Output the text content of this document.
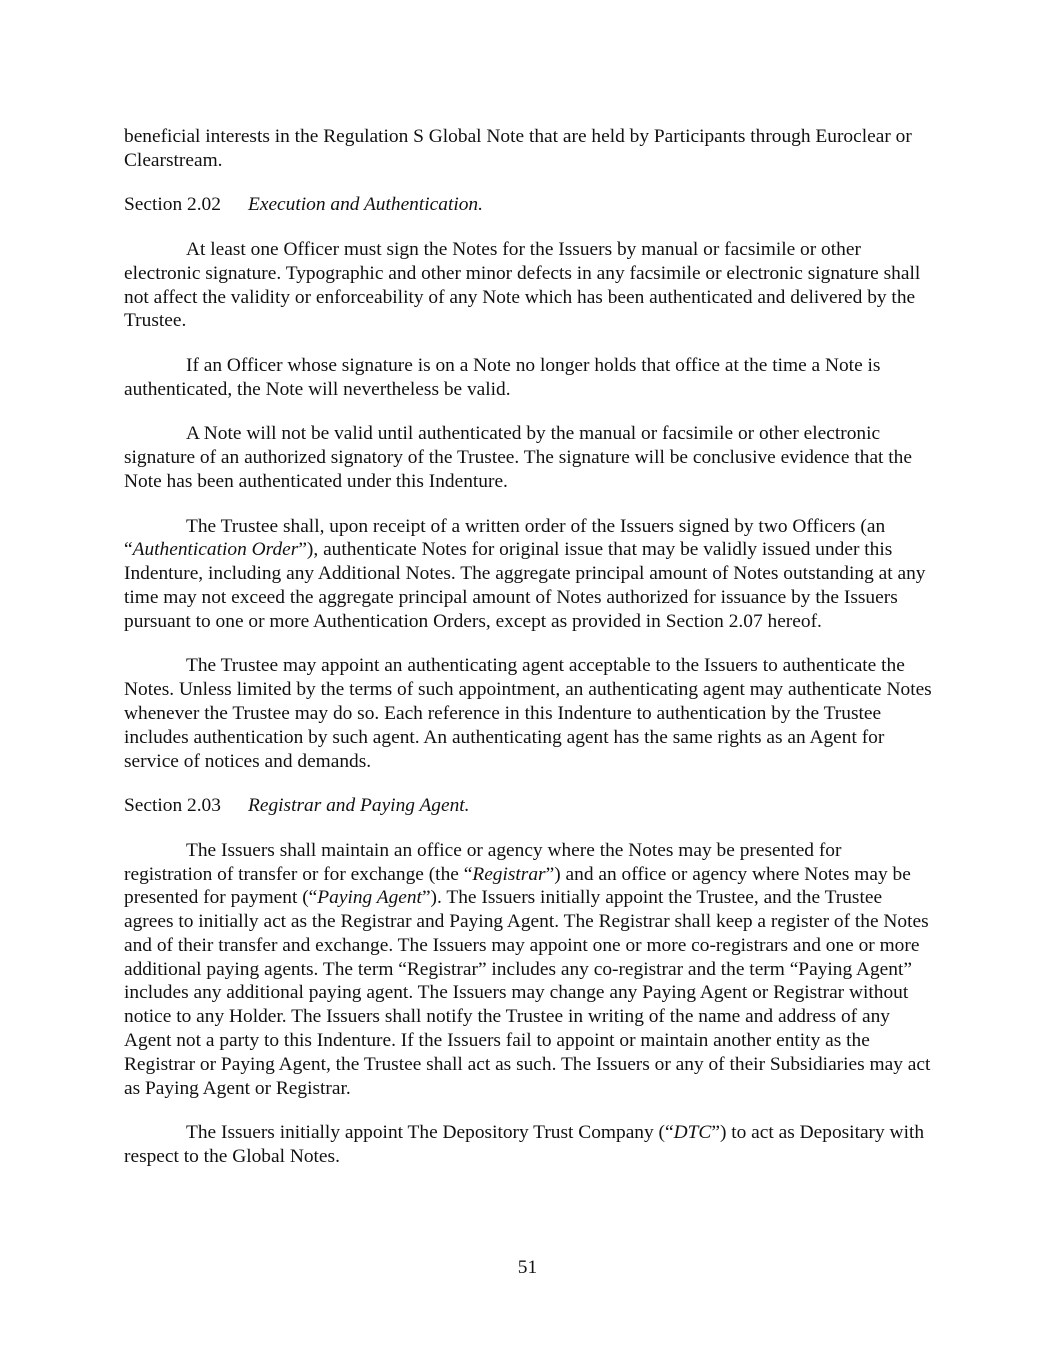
beneficial interests in the Regulation S Global Note that are held by Participants through Euroclear or Clearstream.

Section 2.02 Execution and Authentication.

At least one Officer must sign the Notes for the Issuers by manual or facsimile or other electronic signature. Typographic and other minor defects in any facsimile or electronic signature shall not affect the validity or enforceability of any Note which has been authenticated and delivered by the Trustee.

If an Officer whose signature is on a Note no longer holds that office at the time a Note is authenticated, the Note will nevertheless be valid.

A Note will not be valid until authenticated by the manual or facsimile or other electronic signature of an authorized signatory of the Trustee. The signature will be conclusive evidence that the Note has been authenticated under this Indenture.

The Trustee shall, upon receipt of a written order of the Issuers signed by two Officers (an “Authentication Order”), authenticate Notes for original issue that may be validly issued under this Indenture, including any Additional Notes. The aggregate principal amount of Notes outstanding at any time may not exceed the aggregate principal amount of Notes authorized for issuance by the Issuers pursuant to one or more Authentication Orders, except as provided in Section 2.07 hereof.

The Trustee may appoint an authenticating agent acceptable to the Issuers to authenticate the Notes. Unless limited by the terms of such appointment, an authenticating agent may authenticate Notes whenever the Trustee may do so. Each reference in this Indenture to authentication by the Trustee includes authentication by such agent. An authenticating agent has the same rights as an Agent for service of notices and demands.

Section 2.03 Registrar and Paying Agent.

The Issuers shall maintain an office or agency where the Notes may be presented for registration of transfer or for exchange (the “Registrar”) and an office or agency where Notes may be presented for payment (“Paying Agent”). The Issuers initially appoint the Trustee, and the Trustee agrees to initially act as the Registrar and Paying Agent. The Registrar shall keep a register of the Notes and of their transfer and exchange. The Issuers may appoint one or more co-registrars and one or more additional paying agents. The term “Registrar” includes any co-registrar and the term “Paying Agent” includes any additional paying agent. The Issuers may change any Paying Agent or Registrar without notice to any Holder. The Issuers shall notify the Trustee in writing of the name and address of any Agent not a party to this Indenture. If the Issuers fail to appoint or maintain another entity as the Registrar or Paying Agent, the Trustee shall act as such. The Issuers or any of their Subsidiaries may act as Paying Agent or Registrar.

The Issuers initially appoint The Depository Trust Company (“DTC”) to act as Depositary with respect to the Global Notes.

51
